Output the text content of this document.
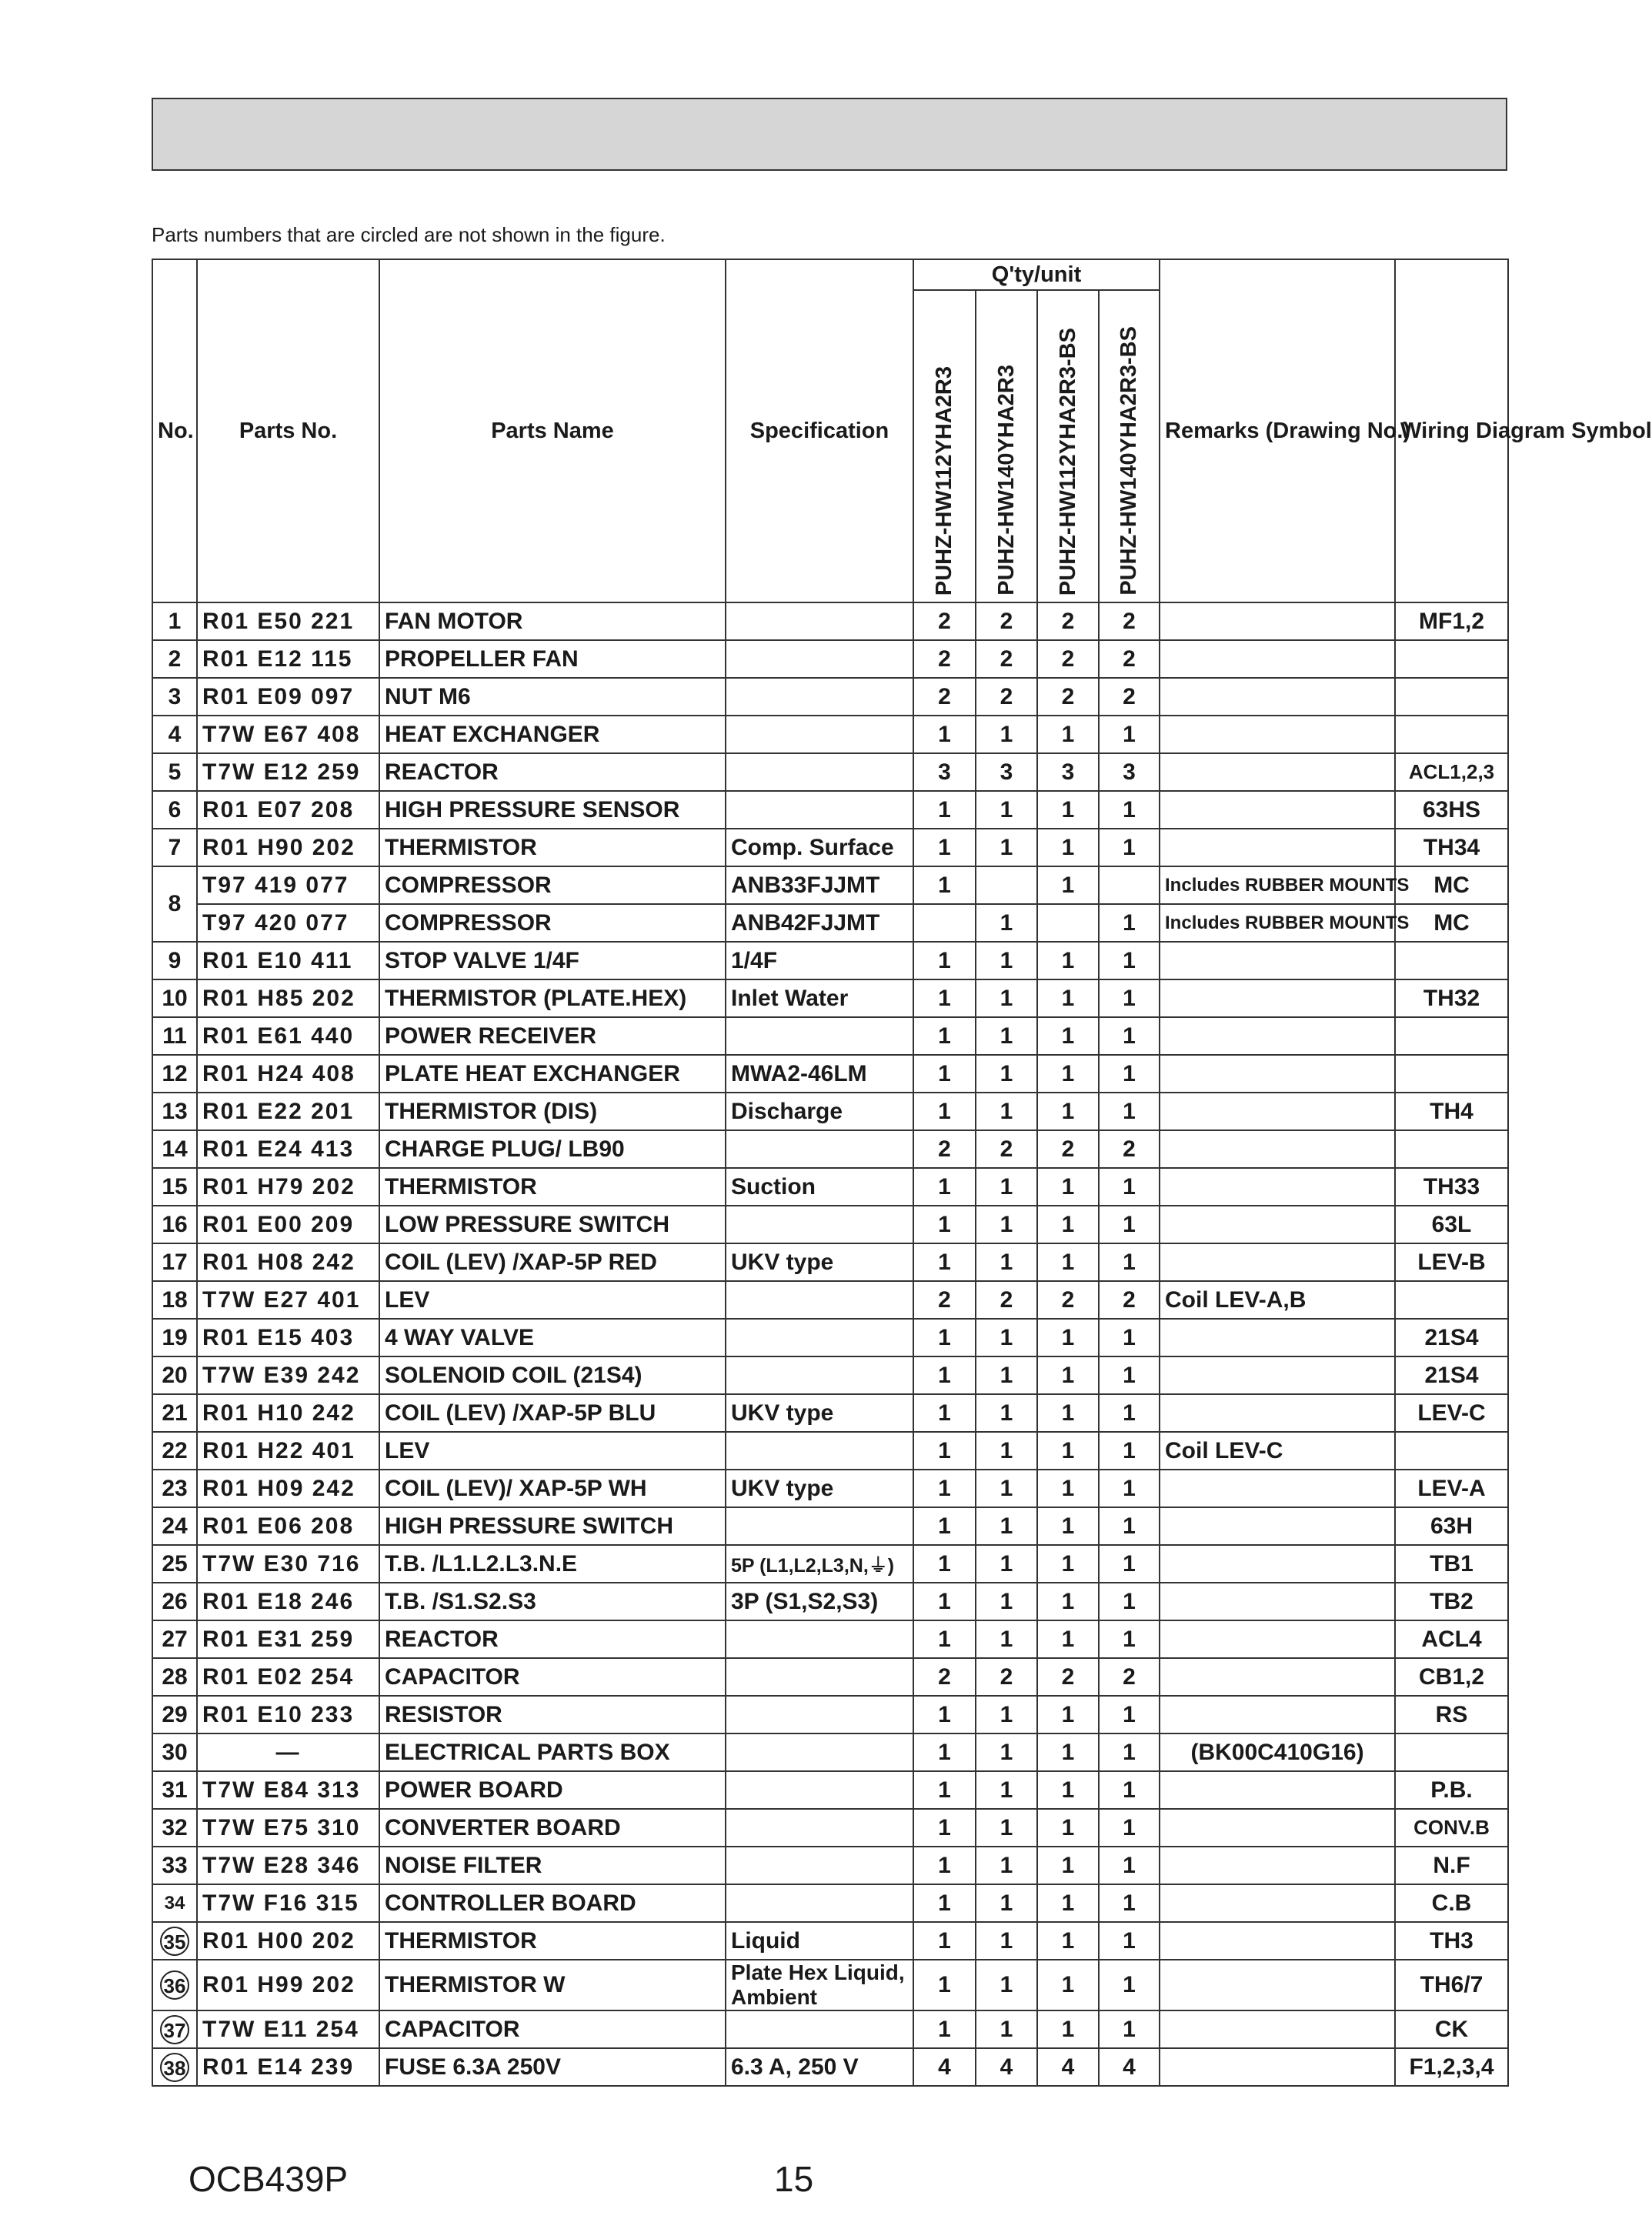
Parts numbers that are circled are not shown in the figure.
No.	Parts No.	Parts Name	Specification	Q'ty/unit				Remarks (Drawing No.)	Wiring Diagram Symbol
				PUHZ-HW112YHA2R3	PUHZ-HW140YHA2R3	PUHZ-HW112YHA2R3-BS	PUHZ-HW140YHA2R3-BS		
1	R01 E50 221	FAN MOTOR		2	2	2	2		MF1,2
2	R01 E12 115	PROPELLER FAN		2	2	2	2		
3	R01 E09 097	NUT M6		2	2	2	2		
4	T7W E67 408	HEAT EXCHANGER		1	1	1	1		
5	T7W E12 259	REACTOR		3	3	3	3		ACL1,2,3
6	R01 E07 208	HIGH PRESSURE SENSOR		1	1	1	1		63HS
7	R01 H90 202	THERMISTOR	Comp. Surface	1	1	1	1		TH34
8	T97 419 077	COMPRESSOR	ANB33FJJMT	1		1		Includes RUBBER MOUNTS	MC
	T97 420 077	COMPRESSOR	ANB42FJJMT		1		1	Includes RUBBER MOUNTS	MC
9	R01 E10 411	STOP VALVE 1/4F	1/4F	1	1	1	1		
10	R01 H85 202	THERMISTOR (PLATE.HEX)	Inlet Water	1	1	1	1		TH32
11	R01 E61 440	POWER RECEIVER		1	1	1	1		
12	R01 H24 408	PLATE HEAT EXCHANGER	MWA2-46LM	1	1	1	1		
13	R01 E22 201	THERMISTOR (DIS)	Discharge	1	1	1	1		TH4
14	R01 E24 413	CHARGE PLUG/ LB90		2	2	2	2		
15	R01 H79 202	THERMISTOR	Suction	1	1	1	1		TH33
16	R01 E00 209	LOW PRESSURE SWITCH		1	1	1	1		63L
17	R01 H08 242	COIL (LEV) /XAP-5P RED	UKV type	1	1	1	1		LEV-B
18	T7W E27 401	LEV		2	2	2	2	Coil LEV-A,B	
19	R01 E15 403	4 WAY VALVE		1	1	1	1		21S4
20	T7W E39 242	SOLENOID COIL (21S4)		1	1	1	1		21S4
21	R01 H10 242	COIL (LEV) /XAP-5P BLU	UKV type	1	1	1	1		LEV-C
22	R01 H22 401	LEV		1	1	1	1	Coil LEV-C	
23	R01 H09 242	COIL (LEV)/ XAP-5P WH	UKV type	1	1	1	1		LEV-A
24	R01 E06 208	HIGH PRESSURE SWITCH		1	1	1	1		63H
25	T7W E30 716	T.B. /L1.L2.L3.N.E	5P (L1,L2,L3,N,⏚)	1	1	1	1		TB1
26	R01 E18 246	T.B. /S1.S2.S3	3P (S1,S2,S3)	1	1	1	1		TB2
27	R01 E31 259	REACTOR		1	1	1	1		ACL4
28	R01 E02 254	CAPACITOR		2	2	2	2		CB1,2
29	R01 E10 233	RESISTOR		1	1	1	1		RS
30	—	ELECTRICAL PARTS BOX		1	1	1	1	(BK00C410G16)	
31	T7W E84 313	POWER BOARD		1	1	1	1		P.B.
32	T7W E75 310	CONVERTER BOARD		1	1	1	1		CONV.B
33	T7W E28 346	NOISE FILTER		1	1	1	1		N.F
34	T7W F16 315	CONTROLLER BOARD		1	1	1	1		C.B
35	R01 H00 202	THERMISTOR	Liquid	1	1	1	1		TH3
36	R01 H99 202	THERMISTOR W	Plate Hex Liquid, Ambient	1	1	1	1		TH6/7
37	T7W E11 254	CAPACITOR		1	1	1	1		CK
38	R01 E14 239	FUSE 6.3A 250V	6.3 A, 250 V	4	4	4	4		F1,2,3,4
OCB439P	15
